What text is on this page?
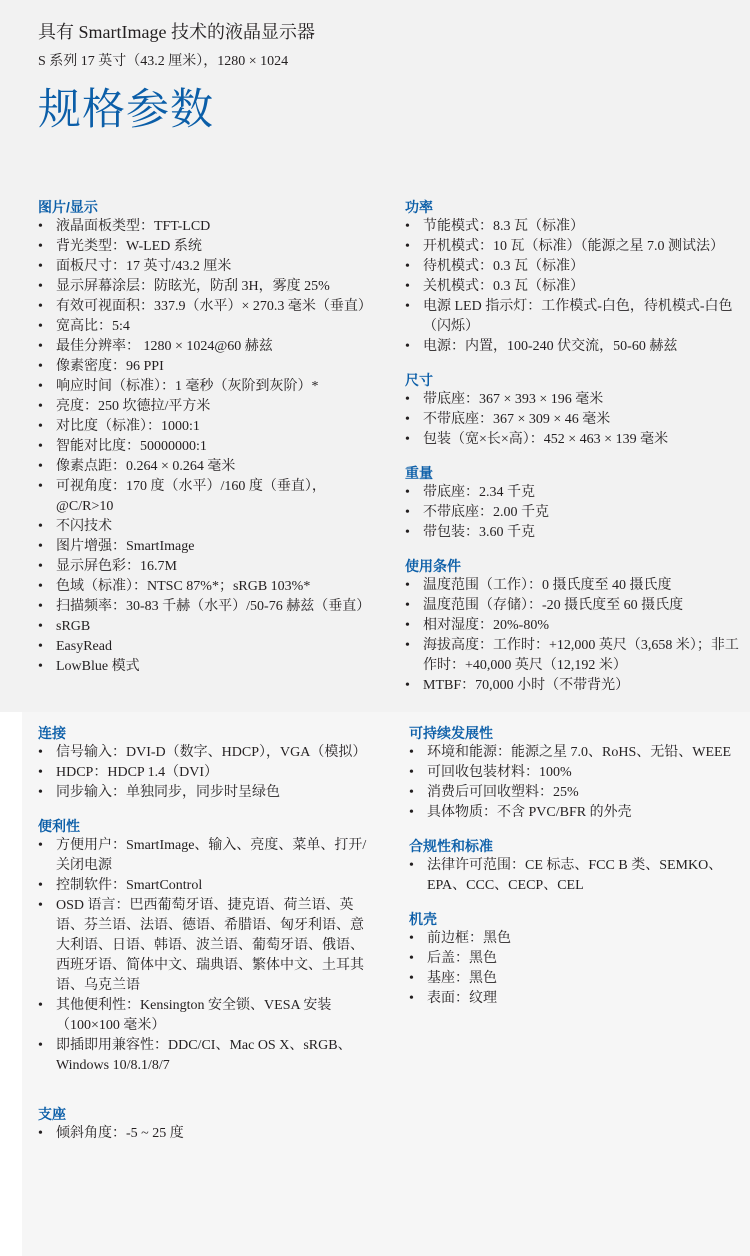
具有 SmartImage 技术的液晶显示器
S 系列 17 英寸（43.2 厘米），1280 × 1024
规格参数
图片/显示
• 液晶面板类型：TFT-LCD
• 背光类型：W-LED 系统
• 面板尺寸：17 英寸/43.2 厘米
• 显示屏幕涂层：防眩光，防刮 3H，雾度 25%
• 有效可视面积：337.9（水平）× 270.3 毫米（垂直）
• 宽高比：5:4
• 最佳分辨率： 1280 × 1024@60 赫兹
• 像素密度：96 PPI
• 响应时间（标准）：1 毫秒（灰阶到灰阶）*
• 亮度：250 坎德拉/平方米
• 对比度（标准）：1000:1
• 智能对比度：50000000:1
• 像素点距：0.264 × 0.264 毫米
• 可视角度：170 度（水平）/160 度（垂直），@C/R>10
• 不闪技术
• 图片增强：SmartImage
• 显示屏色彩：16.7M
• 色域（标准）：NTSC 87%*；sRGB 103%*
• 扫描频率：30-83 千赫（水平）/50-76 赫兹（垂直）
• sRGB
• EasyRead
• LowBlue 模式
功率
• 节能模式：8.3 瓦（标准）
• 开机模式：10 瓦（标准）（能源之星 7.0 测试法）
• 待机模式：0.3 瓦（标准）
• 关机模式：0.3 瓦（标准）
• 电源 LED 指示灯：工作模式-白色，待机模式-白色（闪烁）
• 电源：内置，100-240 伏交流，50-60 赫兹
尺寸
• 带底座：367 × 393 × 196 毫米
• 不带底座：367 × 309 × 46 毫米
• 包装（宽×长×高）：452 × 463 × 139 毫米
重量
• 带底座：2.34 千克
• 不带底座：2.00 千克
• 带包装：3.60 千克
使用条件
• 温度范围（工作）：0 摄氏度至 40 摄氏度
• 温度范围（存储）：-20 摄氏度至 60 摄氏度
• 相对湿度：20%-80%
• 海拔高度：工作时：+12,000 英尺（3,658 米）；非工作时：+40,000 英尺（12,192 米）
• MTBF：70,000 小时（不带背光）
连接
• 信号输入：DVI-D（数字、HDCP），VGA（模拟）
• HDCP：HDCP 1.4（DVI）
• 同步输入：单独同步，同步时呈绿色
便利性
• 方便用户：SmartImage、输入、亮度、菜单、打开/关闭电源
• 控制软件：SmartControl
• OSD 语言：巴西葡萄牙语、捷克语、荷兰语、英语、芬兰语、法语、德语、希腊语、匈牙利语、意大利语、日语、韩语、波兰语、葡萄牙语、俄语、西班牙语、简体中文、瑞典语、繁体中文、土耳其语、乌克兰语
• 其他便利性：Kensington 安全锁、VESA 安装（100×100 毫米）
• 即插即用兼容性：DDC/CI、Mac OS X、sRGB、Windows 10/8.1/8/7
支座
• 倾斜角度：-5 ~ 25 度
可持续发展性
• 环境和能源：能源之星 7.0、RoHS、无铅、WEEE
• 可回收包装材料：100%
• 消费后可回收塑料：25%
• 具体物质：不含 PVC/BFR 的外壳
合规性和标准
• 法律许可范围：CE 标志、FCC B 类、SEMKO、EPA、CCC、CECP、CEL
机壳
• 前边框：黑色
• 后盖：黑色
• 基座：黑色
• 表面：纹理
